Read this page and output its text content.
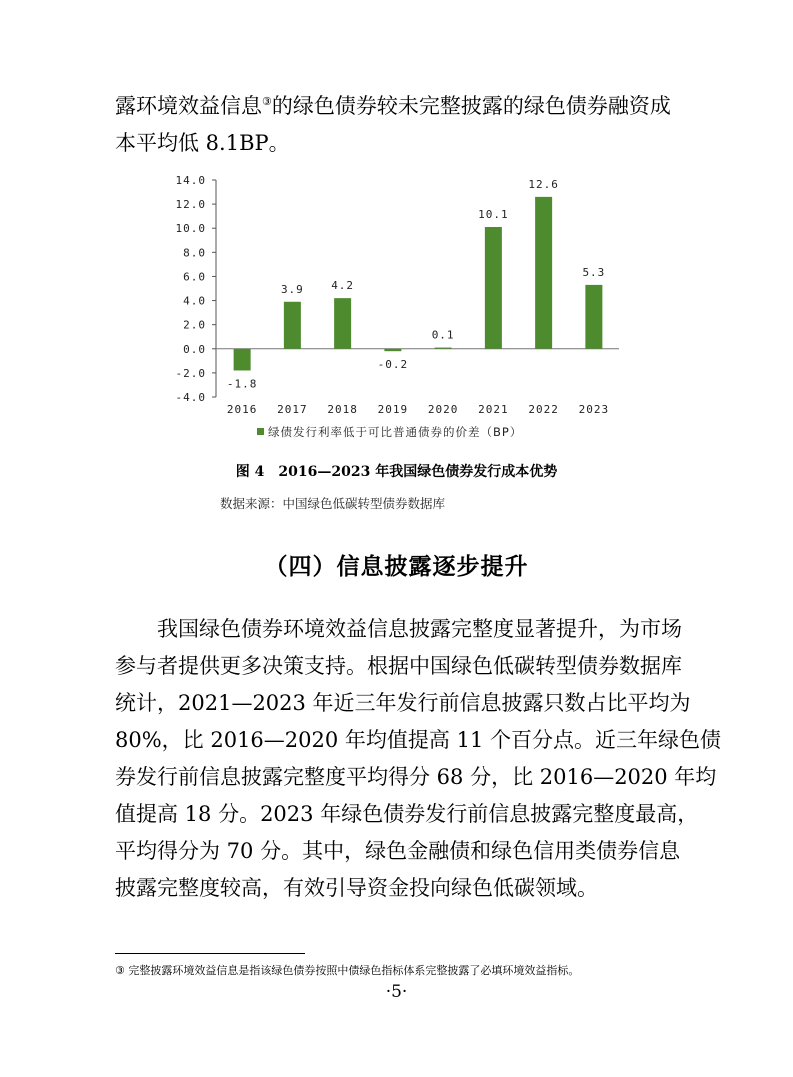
露环境效益信息③的绿色债券较未完整披露的绿色债券融资成
本平均低 8.1BP。
14.0
12.0
10.0
8.0
6.0
4.0
2.0
0.0
-2.0
-4.0
-1.8
2016
3.9
2017
4.2
2018
-0.2
2019
0.1
2020
10.1
2021
12.6
2022
5.3
2023
绿债发行利率低于可比普通债券的价差（BP）
图 4　2016—2023 年我国绿色债券发行成本优势
数据来源：中国绿色低碳转型债券数据库
（四）信息披露逐步提升
我国绿色债券环境效益信息披露完整度显著提升，为市场
参与者提供更多决策支持。根据中国绿色低碳转型债券数据库
统计，2021—2023 年近三年发行前信息披露只数占比平均为
80%，比 2016—2020 年均值提高 11 个百分点。近三年绿色债
券发行前信息披露完整度平均得分 68 分，比 2016—2020 年均
值提高 18 分。2023 年绿色债券发行前信息披露完整度最高，
平均得分为 70 分。其中，绿色金融债和绿色信用类债券信息
披露完整度较高，有效引导资金投向绿色低碳领域。
③ 完整披露环境效益信息是指该绿色债券按照中债绿色指标体系完整披露了必填环境效益指标。
·5·
